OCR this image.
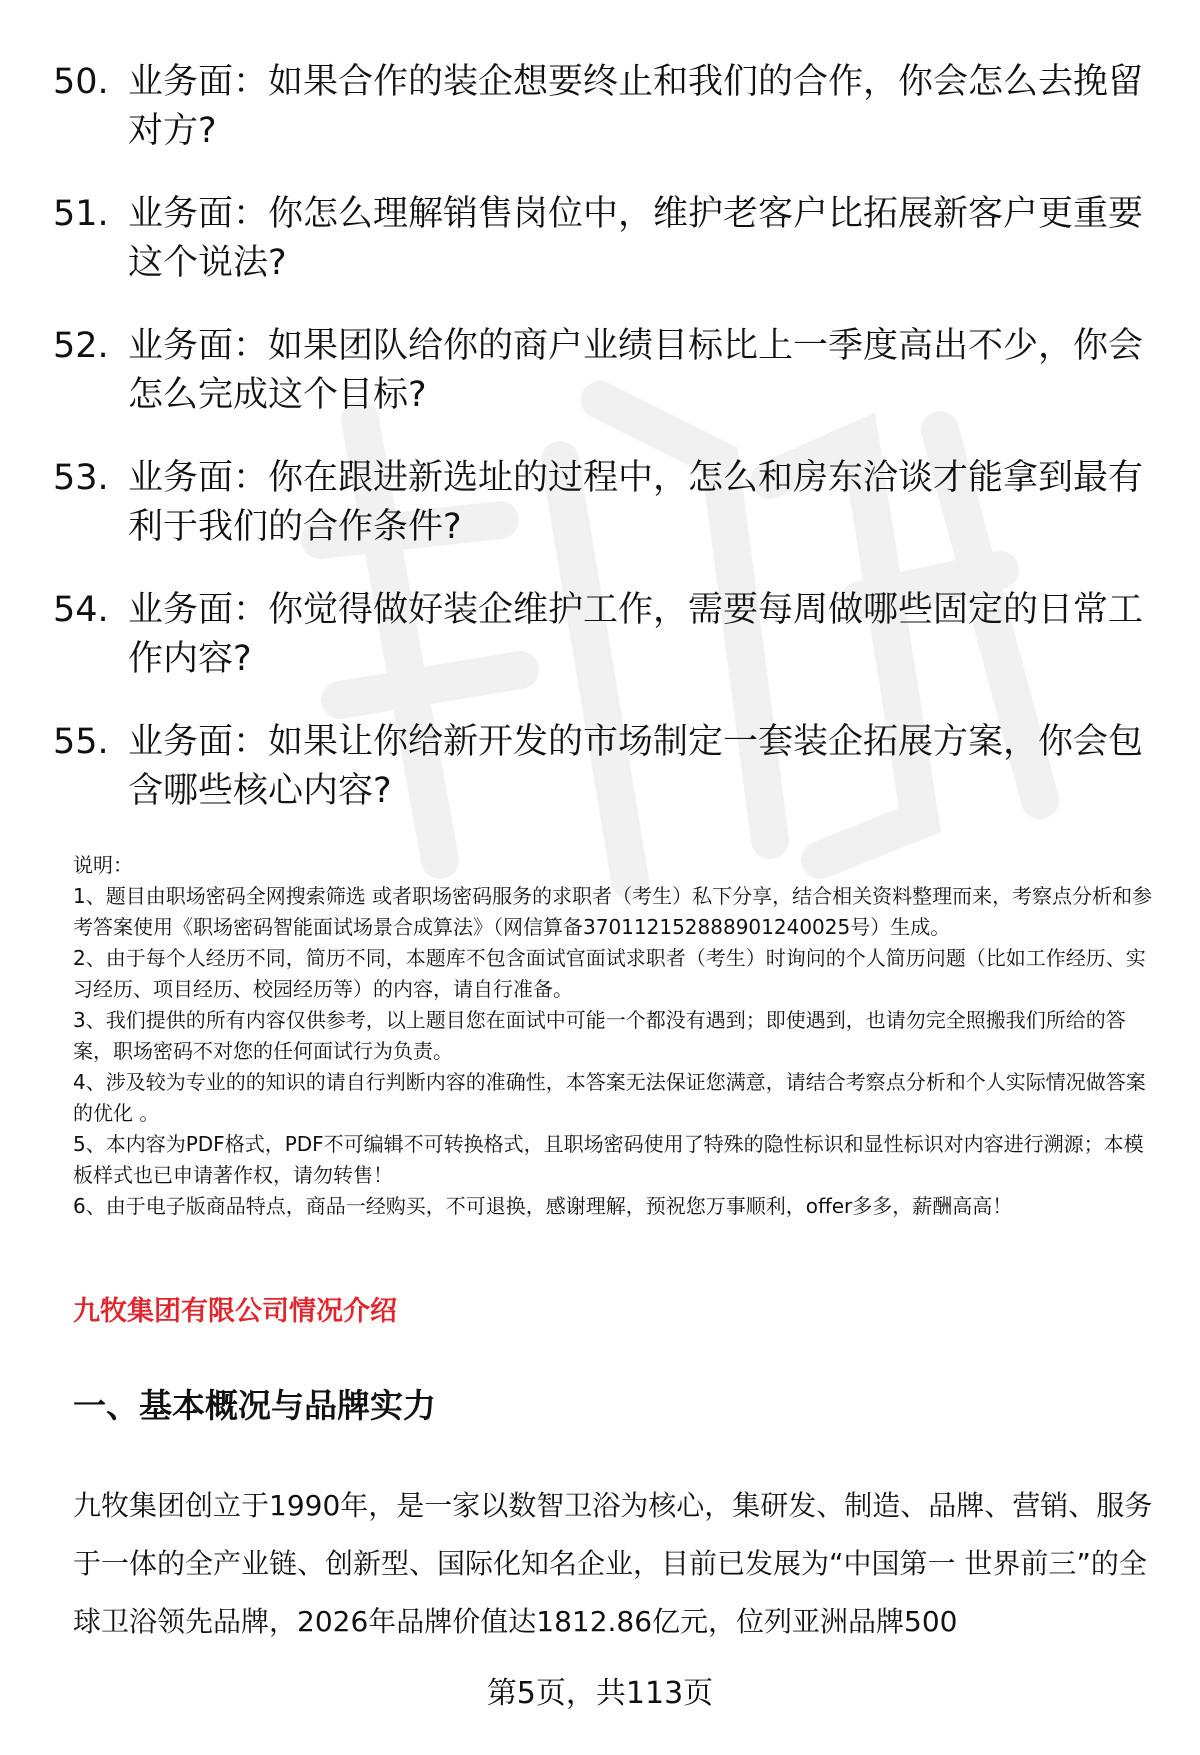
50. 业务面：如果合作的装企想要终止和我们的合作，你会怎么去挽留对方?
51. 业务面：你怎么理解销售岗位中，维护老客户比拓展新客户更重要这个说法?
52. 业务面：如果团队给你的商户业绩目标比上一季度高出不少，你会怎么完成这个目标?
53. 业务面：你在跟进新选址的过程中，怎么和房东洽谈才能拿到最有利于我们的合作条件?
54. 业务面：你觉得做好装企维护工作，需要每周做哪些固定的日常工作内容?
55. 业务面：如果让你给新开发的市场制定一套装企拓展方案，你会包含哪些核心内容?

说明：

1、题目由职场密码全网搜索筛选 或者职场密码服务的求职者（考生）私下分享，结合相关资料整理而来，考察点分析和参考答案使用《职场密码智能面试场景合成算法》（网信算备370112152888901240025号）生成。

2、由于每个人经历不同，简历不同，本题库不包含面试官面试求职者（考生）时询问的个人简历问题（比如工作经历、实习经历、项目经历、校园经历等）的内容，请自行准备。

3、我们提供的所有内容仅供参考，以上题目您在面试中可能一个都没有遇到；即使遇到，也请勿完全照搬我们所给的答案，职场密码不对您的任何面试行为负责。

4、涉及较为专业的的知识的请自行判断内容的准确性，本答案无法保证您满意，请结合考察点分析和个人实际情况做答案的优化 。

5、本内容为PDF格式，PDF不可编辑不可转换格式，且职场密码使用了特殊的隐性标识和显性标识对内容进行溯源；本模板样式也已申请著作权，请勿转售！

6、由于电子版商品特点，商品一经购买，不可退换，感谢理解，预祝您万事顺利，offer多多，薪酬高高！

九牧集团有限公司情况介绍
一、基本概况与品牌实力
九牧集团创立于1990年，是一家以数智卫浴为核心，集研发、制造、品牌、营销、服务于一体的全产业链、创新型、国际化知名企业，目前已发展为“中国第一 世界前三”的全球卫浴领先品牌，2026年品牌价值达1812.86亿元，位列亚洲品牌500
第5页，共113页
